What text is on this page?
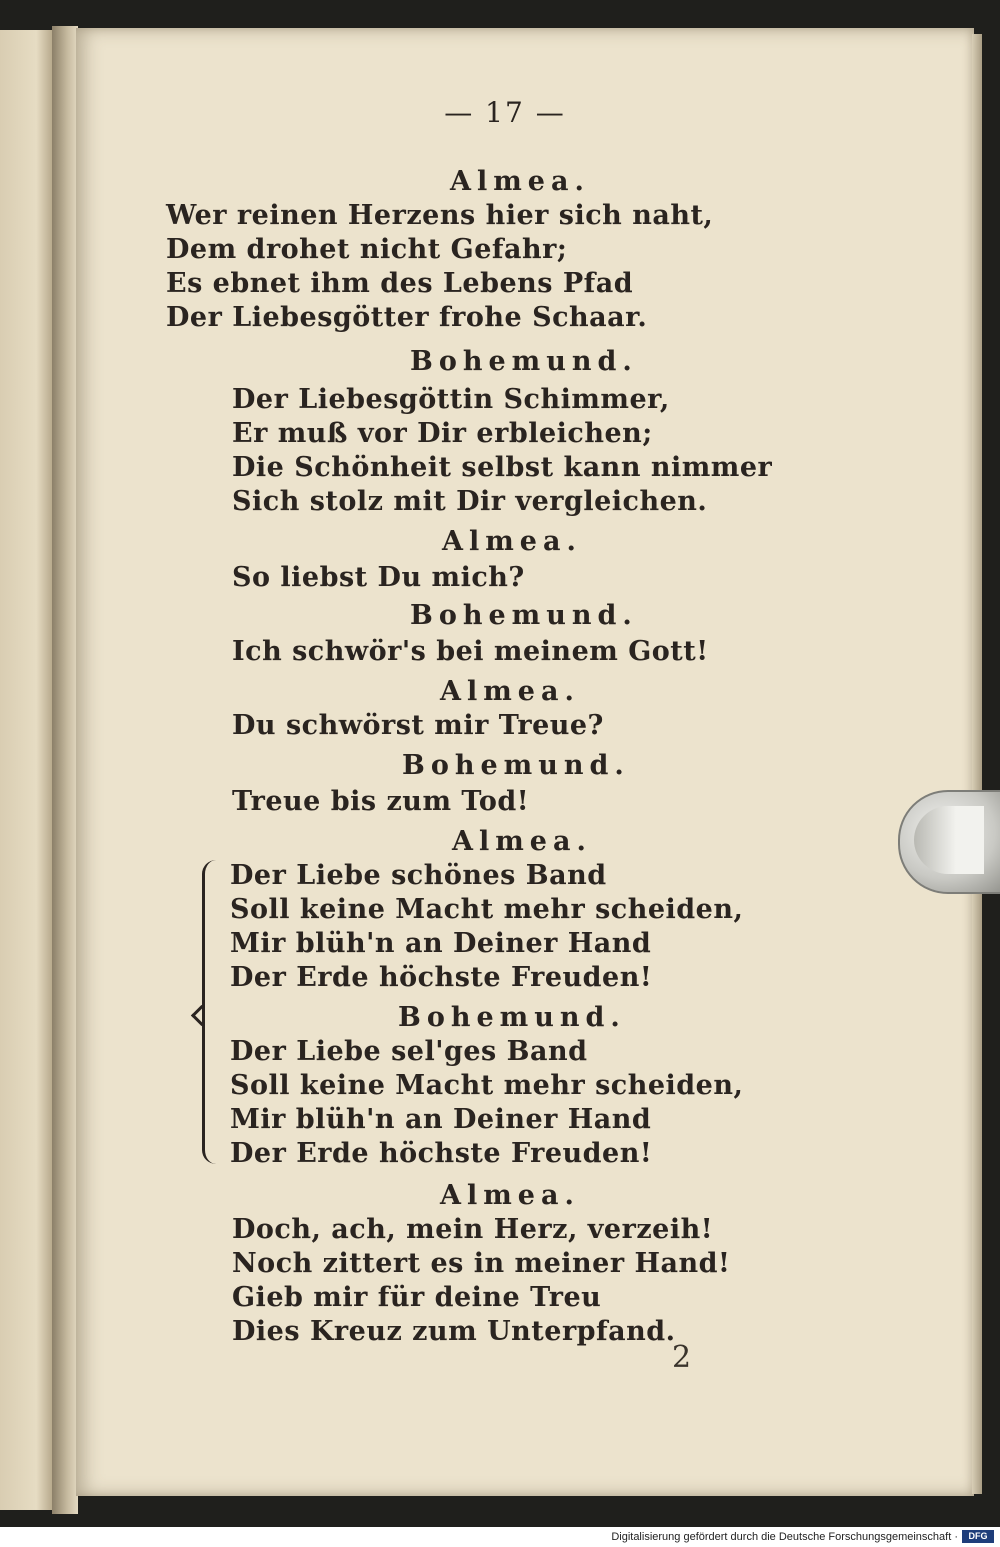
— 17 —
Almea.
Wer reinen Herzens hier sich naht,
Dem drohet nicht Gefahr;
Es ebnet ihm des Lebens Pfad
Der Liebesgötter frohe Schaar.
Bohemund.
Der Liebesgöttin Schimmer,
Er muß vor Dir erbleichen;
Die Schönheit selbst kann nimmer
Sich stolz mit Dir vergleichen.
Almea.
So liebst Du mich?
Bohemund.
Ich schwör's bei meinem Gott!
Almea.
Du schwörst mir Treue?
Bohemund.
Treue bis zum Tod!
Almea.
Der Liebe schönes Band
Soll keine Macht mehr scheiden,
Mir blüh'n an Deiner Hand
Der Erde höchste Freuden!
Bohemund.
Der Liebe sel'ges Band
Soll keine Macht mehr scheiden,
Mir blüh'n an Deiner Hand
Der Erde höchste Freuden!
Almea.
Doch, ach, mein Herz, verzeih!
Noch zittert es in meiner Hand!
Gieb mir für deine Treu
Dies Kreuz zum Unterpfand.
2
Digitalisierung gefördert durch die Deutsche Forschungsgemeinschaft ·	DFG
